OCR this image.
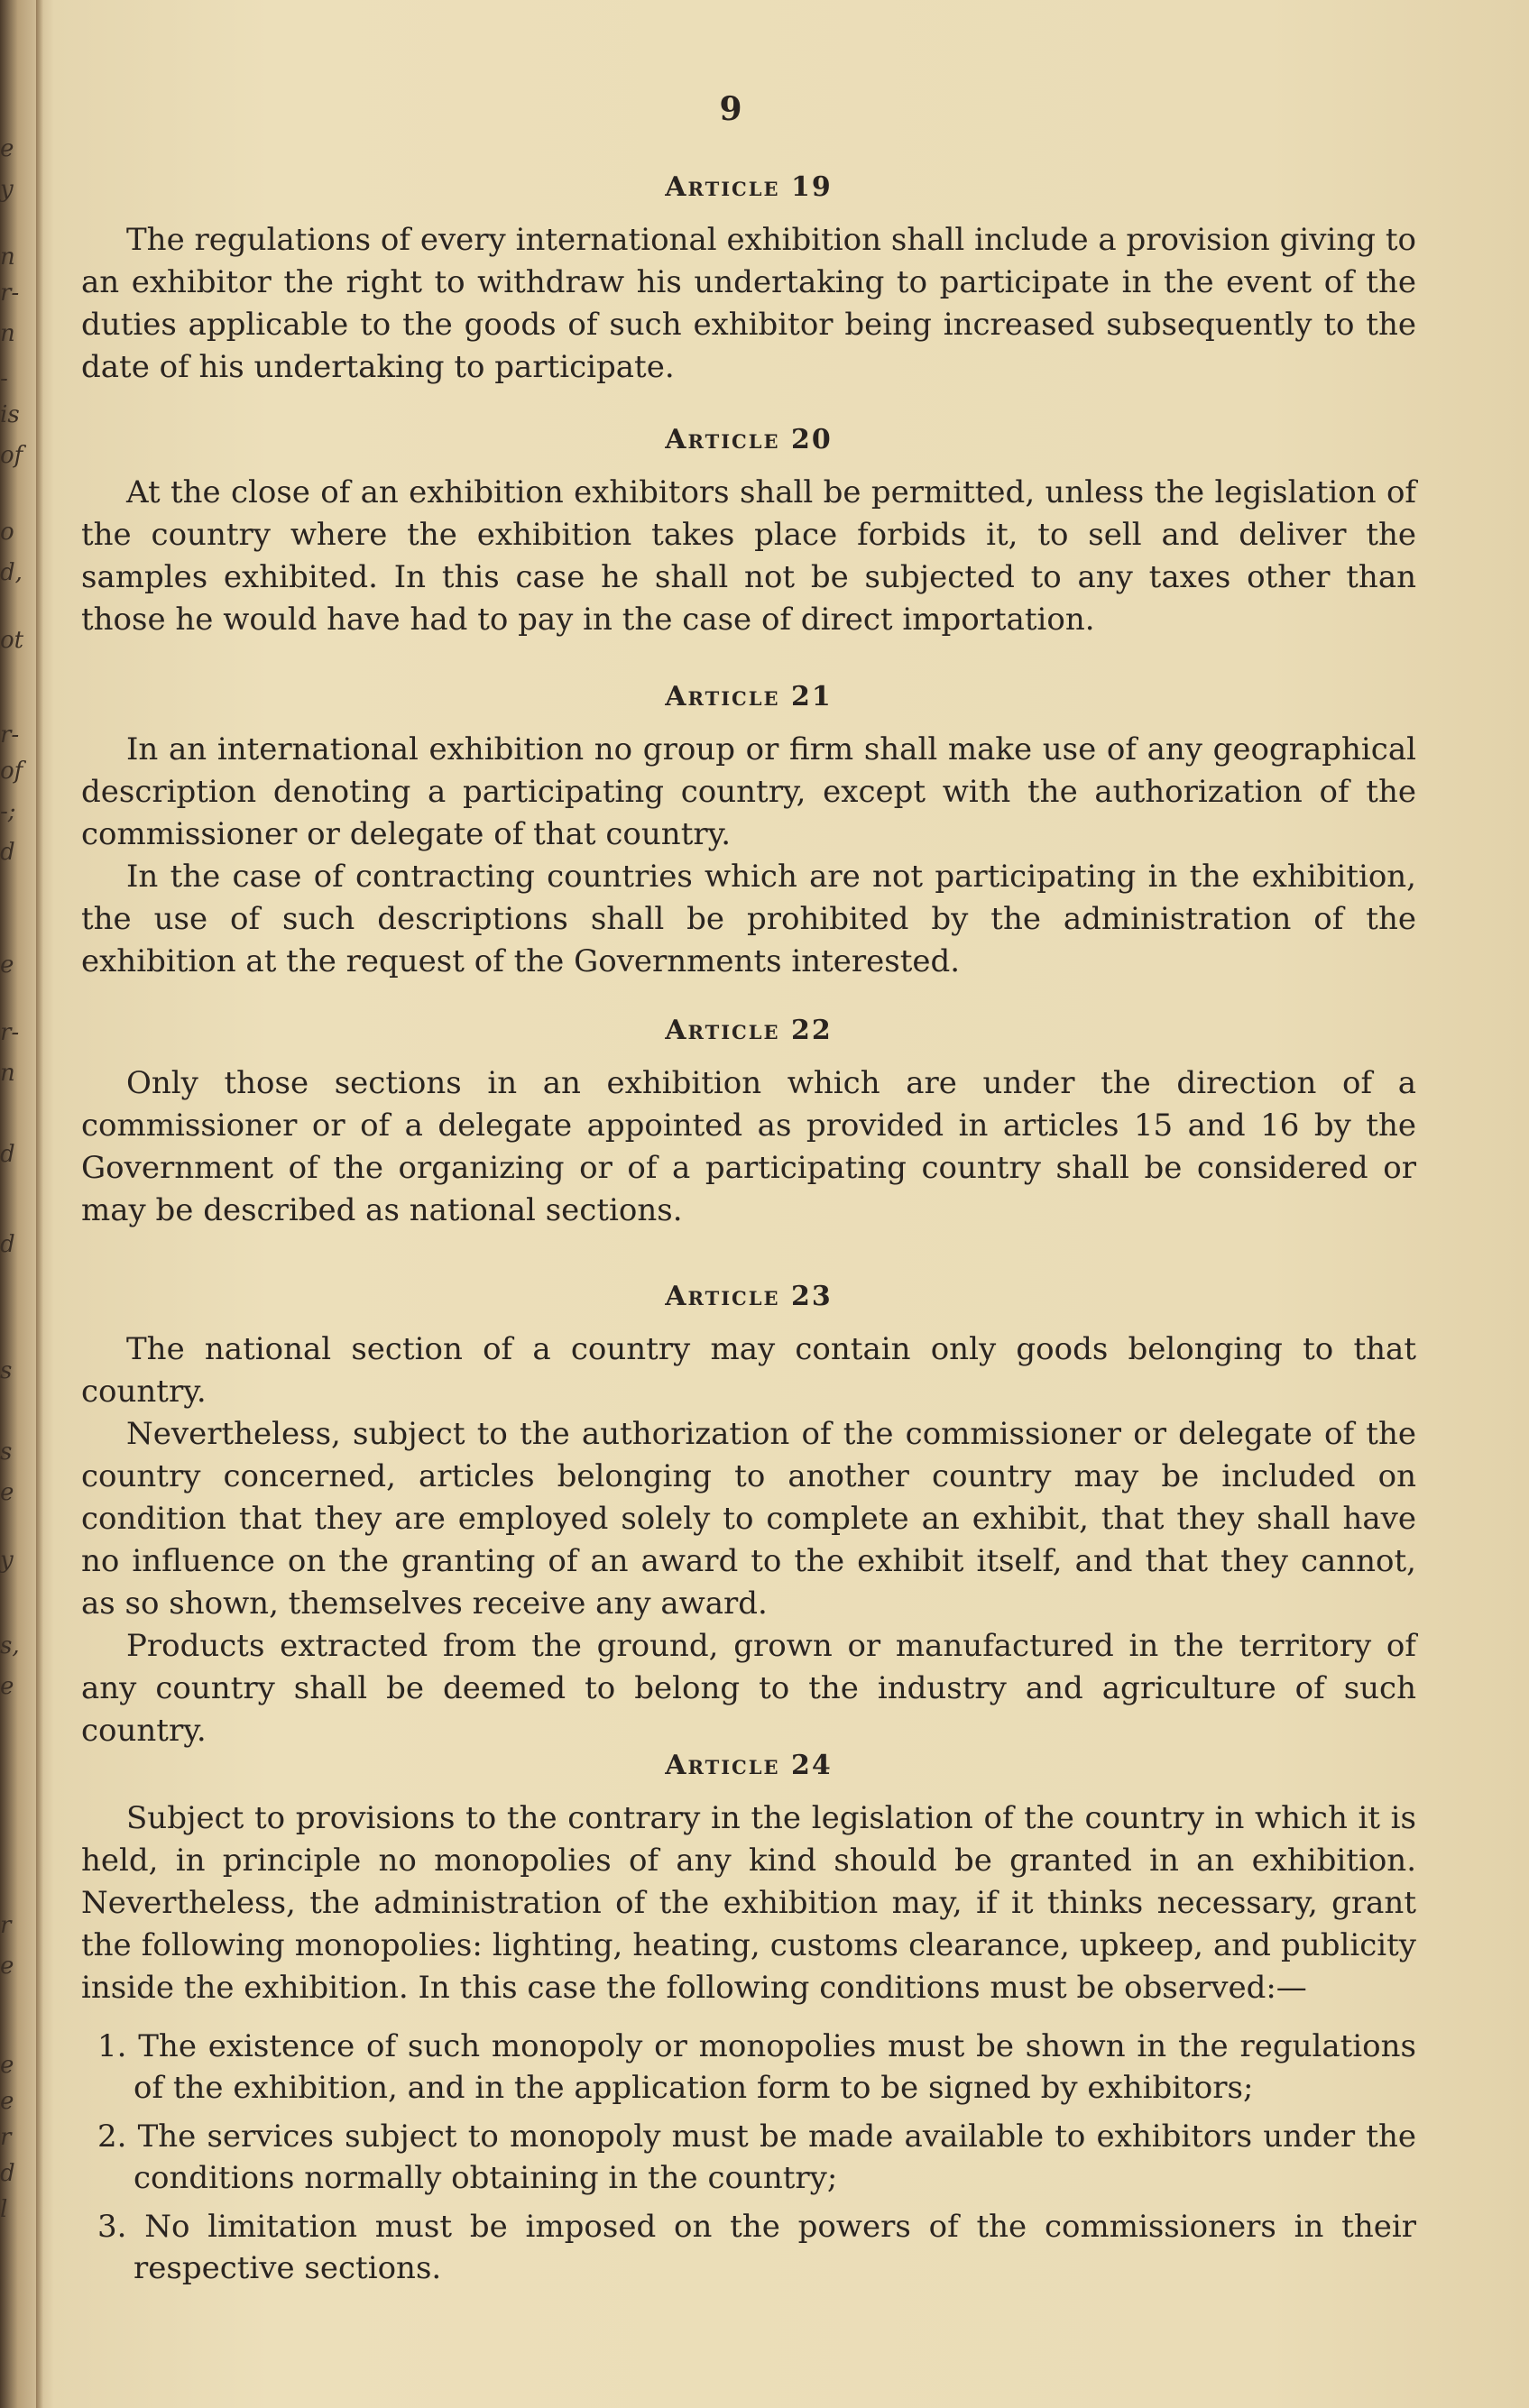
e
y
n
r-
n
-
is
of
o
d,
ot
r-
of
-;
d
e
r-
n
d
d
s
s
e
y
s,
e
r
e
e
e
r
d
l
9
Article 19

The regulations of every international exhibition shall include a provision giving to an exhibitor the right to withdraw his undertaking to participate in the event of the duties applicable to the goods of such exhibitor being increased subsequently to the date of his undertaking to participate.

Article 20

At the close of an exhibition exhibitors shall be permitted, unless the legislation of the country where the exhibition takes place forbids it, to sell and deliver the samples exhibited. In this case he shall not be subjected to any taxes other than those he would have had to pay in the case of direct importation.

Article 21

In an international exhibition no group or firm shall make use of any geographical description denoting a participating country, except with the authorization of the commissioner or delegate of that country.

In the case of contracting countries which are not participating in the exhibition, the use of such descriptions shall be prohibited by the administration of the exhibition at the request of the Governments interested.

Article 22

Only those sections in an exhibition which are under the direction of a commissioner or of a delegate appointed as provided in articles 15 and 16 by the Government of the organizing or of a participating country shall be considered or may be described as national sections.

Article 23

The national section of a country may contain only goods belonging to that country.

Nevertheless, subject to the authorization of the commissioner or delegate of the country concerned, articles belonging to another country may be included on condition that they are employed solely to complete an exhibit, that they shall have no influence on the granting of an award to the exhibit itself, and that they cannot, as so shown, themselves receive any award.

Products extracted from the ground, grown or manufactured in the territory of any country shall be deemed to belong to the industry and agriculture of such country.

Article 24

Subject to provisions to the contrary in the legislation of the country in which it is held, in principle no monopolies of any kind should be granted in an exhibition. Nevertheless, the administration of the exhibition may, if it thinks necessary, grant the following monopolies: lighting, heating, customs clearance, upkeep, and publicity inside the exhibition. In this case the following conditions must be observed:—

1. The existence of such monopoly or monopolies must be shown in the regulations of the exhibition, and in the application form to be signed by exhibitors;

2. The services subject to monopoly must be made available to exhibitors under the conditions normally obtaining in the country;

3. No limitation must be imposed on the powers of the commissioners in their respective sections.
